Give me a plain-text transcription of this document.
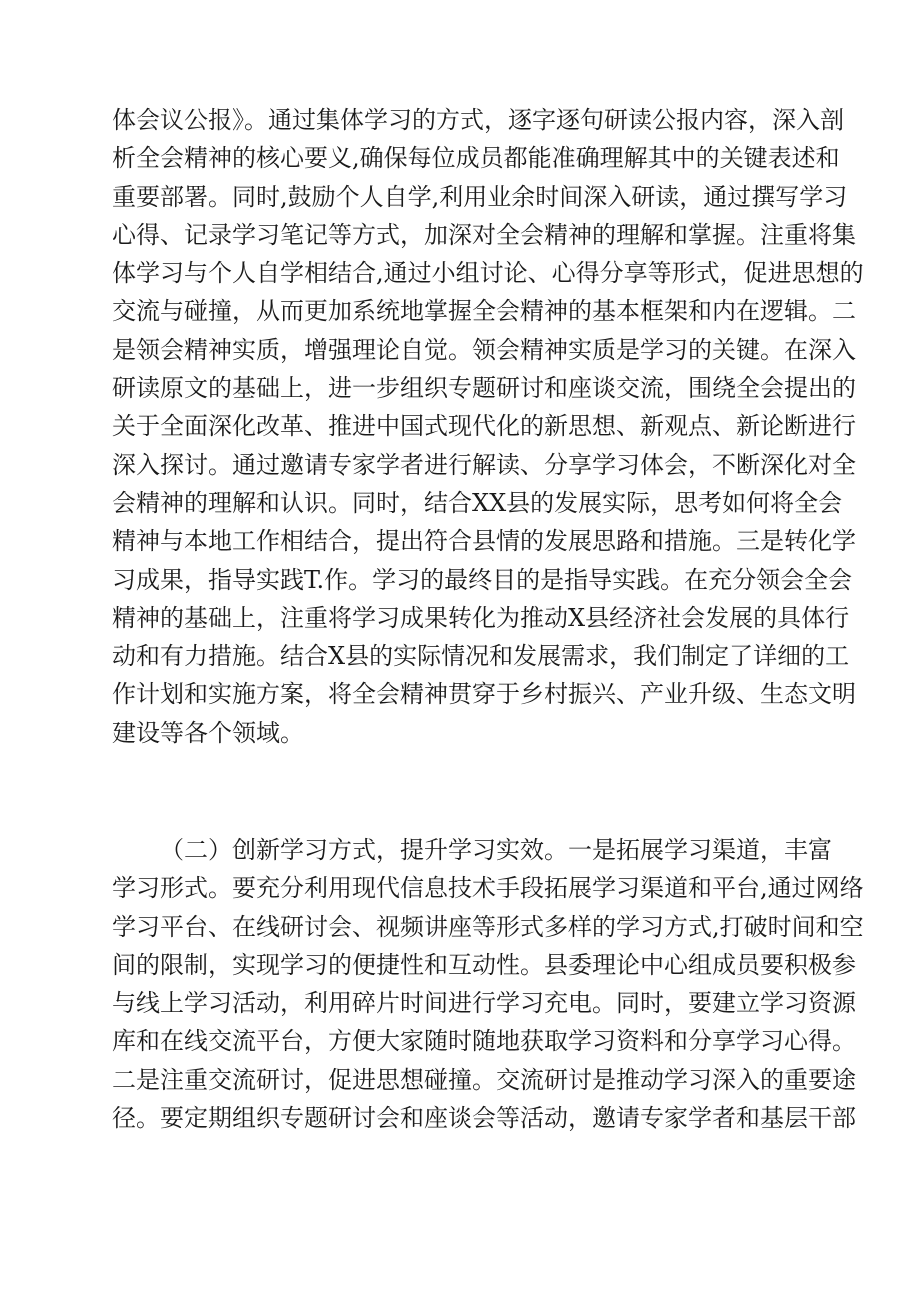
体会议公报》。通过集体学习的方式，逐字逐句研读公报内容，深入剖
析全会精神的核心要义,确保每位成员都能准确理解其中的关键表述和
重要部署。同时,鼓励个人自学,利用业余时间深入研读，通过撰写学习
心得、记录学习笔记等方式，加深对全会精神的理解和掌握。注重将集
体学习与个人自学相结合,通过小组讨论、心得分享等形式，促进思想的
交流与碰撞，从而更加系统地掌握全会精神的基本框架和内在逻辑。二
是领会精神实质，增强理论自觉。领会精神实质是学习的关键。在深入
研读原文的基础上，进一步组织专题研讨和座谈交流，围绕全会提出的
关于全面深化改革、推进中国式现代化的新思想、新观点、新论断进行
深入探讨。通过邀请专家学者进行解读、分享学习体会，不断深化对全
会精神的理解和认识。同时，结合XX县的发展实际，思考如何将全会
精神与本地工作相结合，提出符合县情的发展思路和措施。三是转化学
习成果，指导实践T.作。学习的最终目的是指导实践。在充分领会全会
精神的基础上，注重将学习成果转化为推动X县经济社会发展的具体行
动和有力措施。结合X县的实际情况和发展需求，我们制定了详细的工
作计划和实施方案，将全会精神贯穿于乡村振兴、产业升级、生态文明
建设等各个领域。
（二）创新学习方式，提升学习实效。一是拓展学习渠道，丰富
学习形式。要充分利用现代信息技术手段拓展学习渠道和平台,通过网络
学习平台、在线研讨会、视频讲座等形式多样的学习方式,打破时间和空
间的限制，实现学习的便捷性和互动性。县委理论中心组成员要积极参
与线上学习活动，利用碎片时间进行学习充电。同时，要建立学习资源
库和在线交流平台，方便大家随时随地获取学习资料和分享学习心得。
二是注重交流研讨，促进思想碰撞。交流研讨是推动学习深入的重要途
径。要定期组织专题研讨会和座谈会等活动，邀请专家学者和基层干部
